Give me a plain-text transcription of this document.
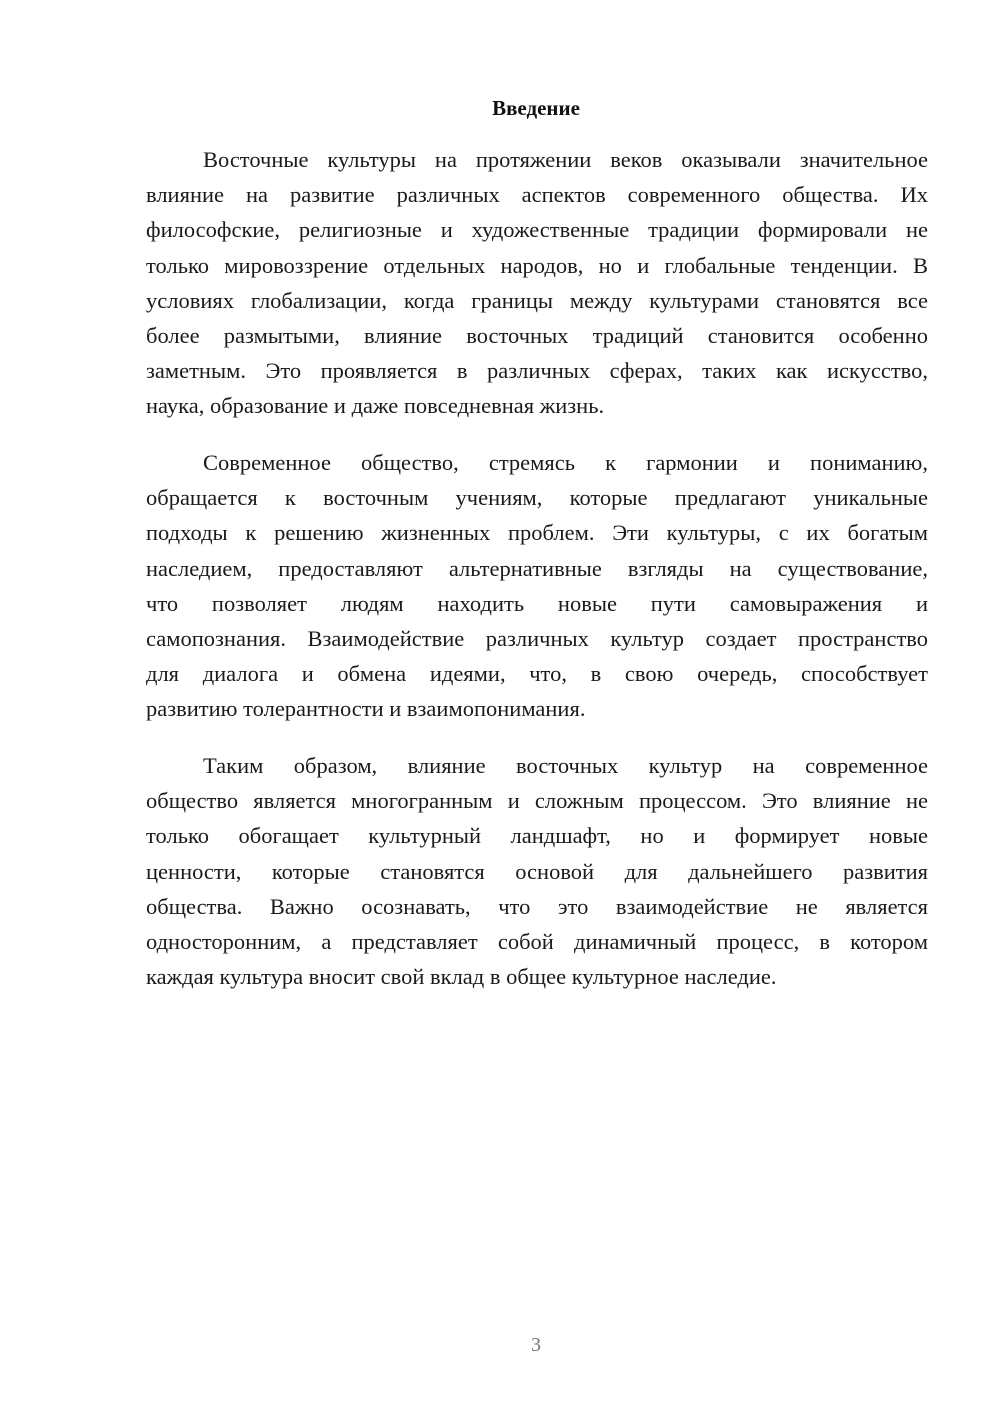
Введение
Восточные культуры на протяжении веков оказывали значительное
влияние на развитие различных аспектов современного общества. Их
философские, религиозные и художественные традиции формировали не
только мировоззрение отдельных народов, но и глобальные тенденции. В
условиях глобализации, когда границы между культурами становятся все
более размытыми, влияние восточных традиций становится особенно
заметным. Это проявляется в различных сферах, таких как искусство,
наука, образование и даже повседневная жизнь.
Современное общество, стремясь к гармонии и пониманию,
обращается к восточным учениям, которые предлагают уникальные
подходы к решению жизненных проблем. Эти культуры, с их богатым
наследием, предоставляют альтернативные взгляды на существование,
что позволяет людям находить новые пути самовыражения и
самопознания. Взаимодействие различных культур создает пространство
для диалога и обмена идеями, что, в свою очередь, способствует
развитию толерантности и взаимопонимания.
Таким образом, влияние восточных культур на современное
общество является многогранным и сложным процессом. Это влияние не
только обогащает культурный ландшафт, но и формирует новые
ценности, которые становятся основой для дальнейшего развития
общества. Важно осознавать, что это взаимодействие не является
односторонним, а представляет собой динамичный процесс, в котором
каждая культура вносит свой вклад в общее культурное наследие.
3
